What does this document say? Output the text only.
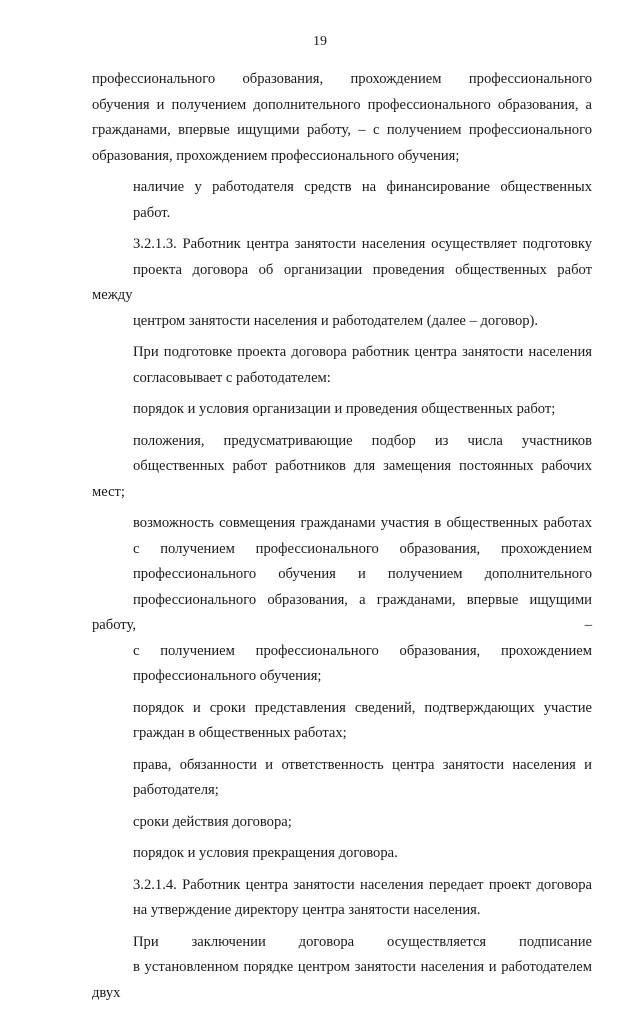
19
профессионального образования, прохождением профессионального
обучения и получением дополнительного профессионального образования, а
гражданами, впервые ищущими работу, – с получением профессионального
образования, прохождением профессионального обучения;
наличие у работодателя средств на финансирование общественных
работ.
3.2.1.3. Работник центра занятости населения осуществляет подготовку
проекта договора об организации проведения общественных работ между
центром занятости населения и работодателем (далее – договор).
При подготовке проекта договора работник центра занятости населения
согласовывает с работодателем:
порядок и условия организации и проведения общественных работ;
положения, предусматривающие подбор из числа участников
общественных работ работников для замещения постоянных рабочих мест;
возможность совмещения гражданами участия в общественных работах
с получением профессионального образования, прохождением
профессионального обучения и получением дополнительного
профессионального образования, а гражданами, впервые ищущими работу, –
с получением профессионального образования, прохождением
профессионального обучения;
порядок и сроки представления сведений, подтверждающих участие
граждан в общественных работах;
права, обязанности и ответственность центра занятости населения и
работодателя;
сроки действия договора;
порядок и условия прекращения договора.
3.2.1.4. Работник центра занятости населения передает проект договора
на утверждение директору центра занятости населения.
При заключении договора осуществляется подписание
в установленном порядке центром занятости населения и работодателем двух
